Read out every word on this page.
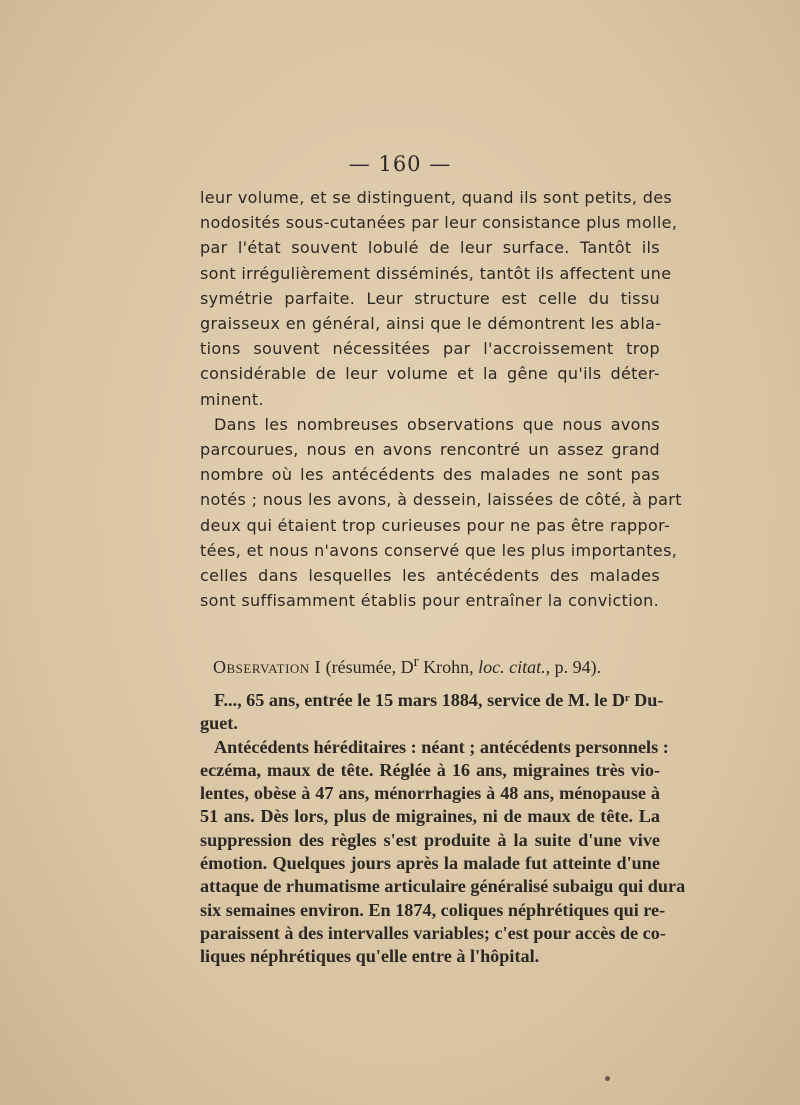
— 160 —
leur volume, et se distinguent, quand ils sont petits, des
nodosités sous-cutanées par leur consistance plus molle,
par l'état souvent lobulé de leur surface. Tantôt ils
sont irrégulièrement disséminés, tantôt ils affectent une
symétrie parfaite. Leur structure est celle du tissu
graisseux en général, ainsi que le démontrent les abla-
tions souvent nécessitées par l'accroissement trop
considérable de leur volume et la gêne qu'ils déter-
minent.
Dans les nombreuses observations que nous avons
parcourues, nous en avons rencontré un assez grand
nombre où les antécédents des malades ne sont pas
notés ; nous les avons, à dessein, laissées de côté, à part
deux qui étaient trop curieuses pour ne pas être rappor-
tées, et nous n'avons conservé que les plus importantes,
celles dans lesquelles les antécédents des malades
sont suffisamment établis pour entraîner la conviction.
Observation I (résumée, $D^r$ Krohn, loc. citat., p. 94).
F..., 65 ans, entrée le 15 mars 1884, service de M. le Dʳ Du-
guet.
Antécédents héréditaires : néant ; antécédents personnels :
eczéma, maux de tête. Réglée à 16 ans, migraines très vio-
lentes, obèse à 47 ans, ménorrhagies à 48 ans, ménopause à
51 ans. Dès lors, plus de migraines, ni de maux de tête. La
suppression des règles s'est produite à la suite d'une vive
émotion. Quelques jours après la malade fut atteinte d'une
attaque de rhumatisme articulaire généralisé subaigu qui dura
six semaines environ. En 1874, coliques néphrétiques qui re-
paraissent à des intervalles variables; c'est pour accès de co-
liques néphrétiques qu'elle entre à l'hôpital.
